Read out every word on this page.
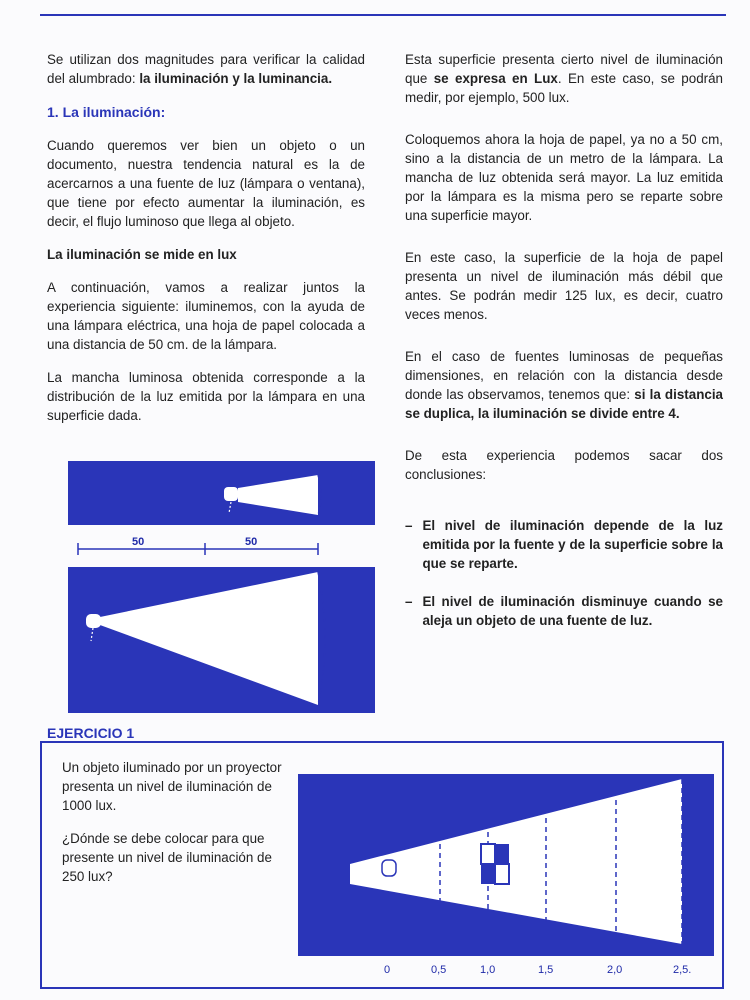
Se utilizan dos magnitudes para verificar la calidad del alumbrado: la iluminación y la luminancia.

1. La iluminación:

Cuando queremos ver bien un objeto o un documento, nuestra tendencia natural es la de acercarnos a una fuente de luz (lámpara o ventana), que tiene por efecto aumentar la iluminación, es decir, el flujo luminoso que llega al objeto.

La iluminación se mide en lux

A continuación, vamos a realizar juntos la experiencia siguiente: iluminemos, con la ayuda de una lámpara eléctrica, una hoja de papel colocada a una distancia de 50 cm. de la lámpara.

La mancha luminosa obtenida corresponde a la distribución de la luz emitida por la lámpara en una superficie dada.

50	50

Esta superficie presenta cierto nivel de iluminación que se expresa en Lux. En este caso, se podrán medir, por ejemplo, 500 lux.

Coloquemos ahora la hoja de papel, ya no a 50 cm, sino a la distancia de un metro de la lámpara. La mancha de luz obtenida será mayor. La luz emitida por la lámpara es la misma pero se reparte sobre una superficie mayor.

En este caso, la superficie de la hoja de papel presenta un nivel de iluminación más débil que antes. Se podrán medir 125 lux, es decir, cuatro veces menos.

En el caso de fuentes luminosas de pequeñas dimensiones, en relación con la distancia desde donde las observamos, tenemos que: si la distancia se duplica, la iluminación se divide entre 4.

De esta experiencia podemos sacar dos conclusiones:

– El nivel de iluminación depende de la luz emitida por la fuente y de la superficie sobre la que se reparte.
– El nivel de iluminación disminuye cuando se aleja un objeto de una fuente de luz.
EJERCICIO 1

Un objeto iluminado por un proyector presenta un nivel de iluminación de 1000 lux.

¿Dónde se debe colocar para que presente un nivel de iluminación de 250 lux?

0	0,5	1,0	1,5	2,0	2,5.
